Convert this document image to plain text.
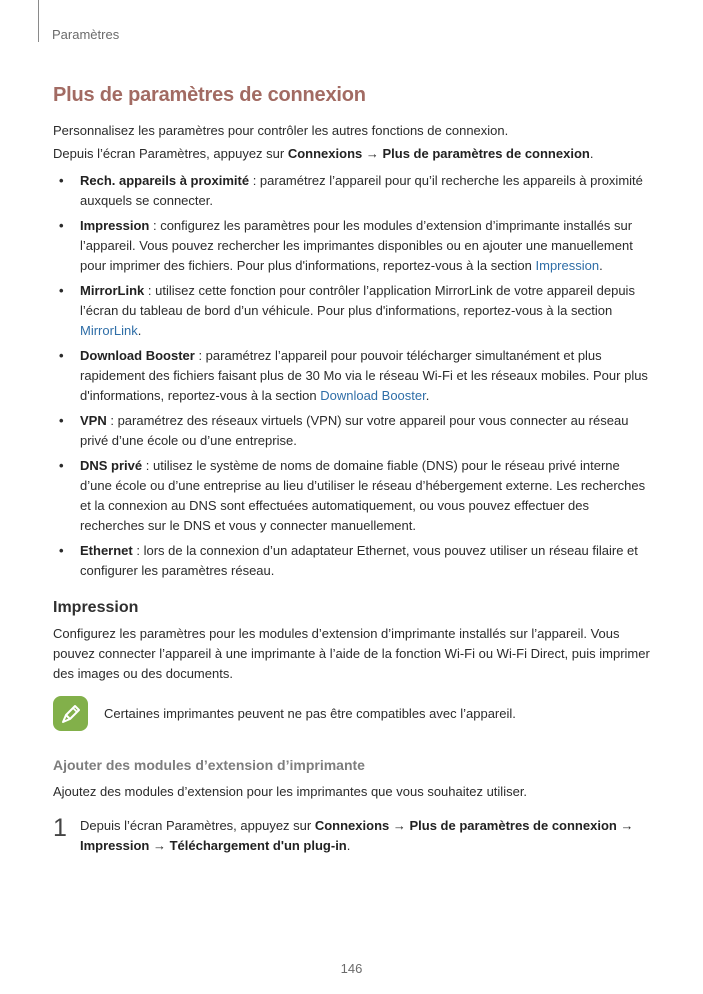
Paramètres
Plus de paramètres de connexion

Personnalisez les paramètres pour contrôler les autres fonctions de connexion.

Depuis l’écran Paramètres, appuyez sur Connexions → Plus de paramètres de connexion.

• Rech. appareils à proximité : paramétrez l’appareil pour qu’il recherche les appareils à proximité auxquels se connecter.
• Impression : configurez les paramètres pour les modules d’extension d’imprimante installés sur l’appareil. Vous pouvez rechercher les imprimantes disponibles ou en ajouter une manuellement pour imprimer des fichiers. Pour plus d'informations, reportez-vous à la section Impression.
• MirrorLink : utilisez cette fonction pour contrôler l’application MirrorLink de votre appareil depuis l’écran du tableau de bord d’un véhicule. Pour plus d'informations, reportez-vous à la section MirrorLink.
• Download Booster : paramétrez l’appareil pour pouvoir télécharger simultanément et plus rapidement des fichiers faisant plus de 30 Mo via le réseau Wi-Fi et les réseaux mobiles. Pour plus d'informations, reportez-vous à la section Download Booster.
• VPN : paramétrez des réseaux virtuels (VPN) sur votre appareil pour vous connecter au réseau privé d’une école ou d’une entreprise.
• DNS privé : utilisez le système de noms de domaine fiable (DNS) pour le réseau privé interne d’une école ou d’une entreprise au lieu d’utiliser le réseau d’hébergement externe. Les recherches et la connexion au DNS sont effectuées automatiquement, ou vous pouvez effectuer des recherches sur le DNS et vous y connecter manuellement.
• Ethernet : lors de la connexion d’un adaptateur Ethernet, vous pouvez utiliser un réseau filaire et configurer les paramètres réseau.
Impression

Configurez les paramètres pour les modules d’extension d’imprimante installés sur l’appareil. Vous pouvez connecter l’appareil à une imprimante à l’aide de la fonction Wi-Fi ou Wi-Fi Direct, puis imprimer des images ou des documents.

Certaines imprimantes peuvent ne pas être compatibles avec l’appareil.
Ajouter des modules d’extension d’imprimante

Ajoutez des modules d’extension pour les imprimantes que vous souhaitez utiliser.

1	Depuis l’écran Paramètres, appuyez sur Connexions → Plus de paramètres de connexion → Impression → Téléchargement d'un plug-in.
146
